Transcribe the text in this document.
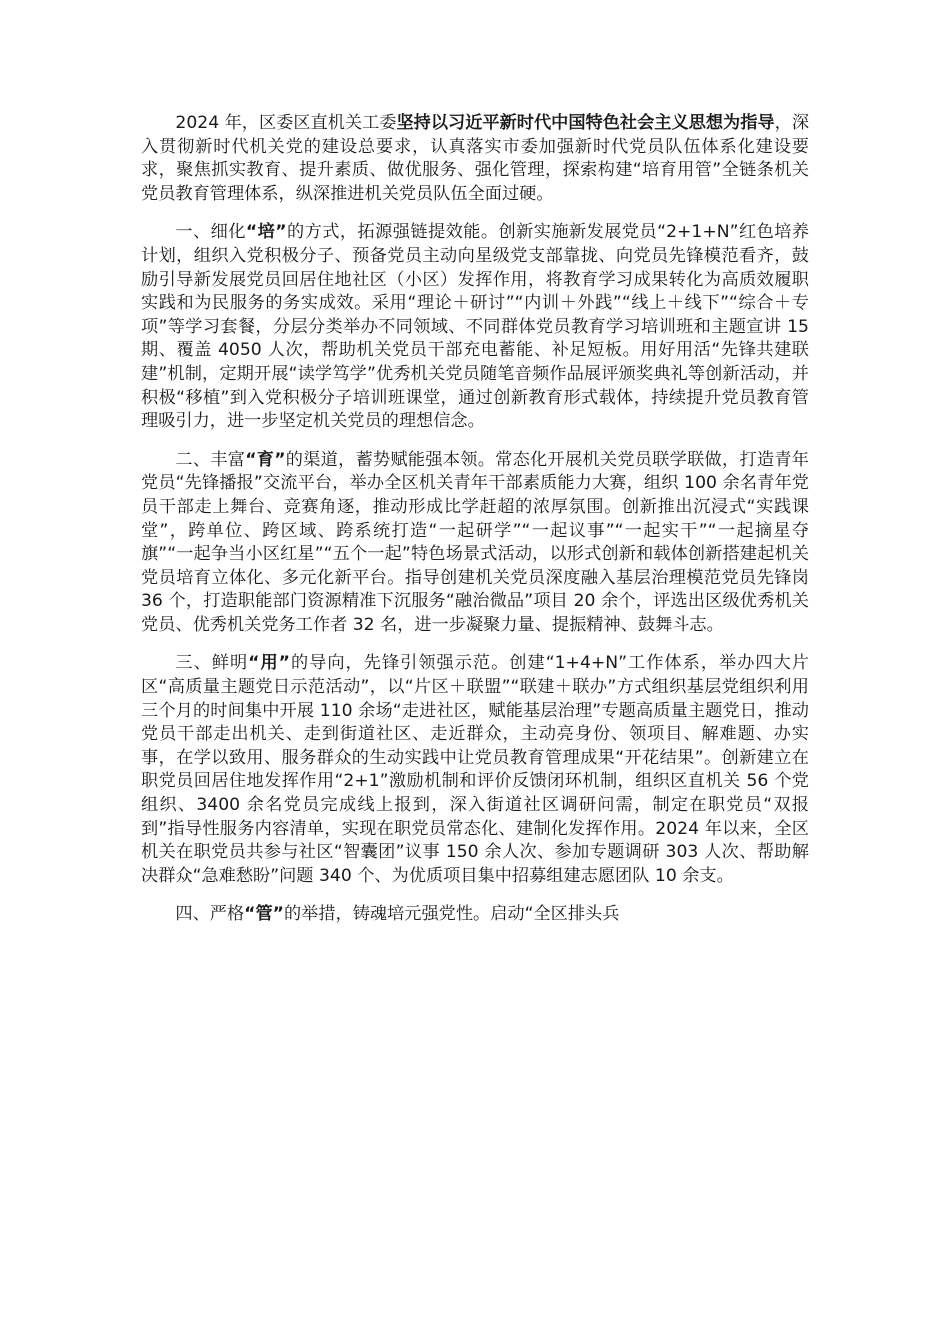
2024 年，区委区直机关工委坚持以习近平新时代中国特色社会主义思想为指导，深入贯彻新时代机关党的建设总要求，认真落实市委加强新时代党员队伍体系化建设要求，聚焦抓实教育、提升素质、做优服务、强化管理，探索构建“培育用管”全链条机关党员教育管理体系，纵深推进机关党员队伍全面过硬。

一、细化“培”的方式，拓源强链提效能。创新实施新发展党员“2+1+N”红色培养计划，组织入党积极分子、预备党员主动向星级党支部靠拢、向党员先锋模范看齐，鼓励引导新发展党员回居住地社区（小区）发挥作用，将教育学习成果转化为高质效履职实践和为民服务的务实成效。采用“理论＋研讨”“内训＋外践”“线上＋线下”“综合＋专项”等学习套餐，分层分类举办不同领域、不同群体党员教育学习培训班和主题宣讲 15 期、覆盖 4050 人次，帮助机关党员干部充电蓄能、补足短板。用好用活“先锋共建联建”机制，定期开展“读学笃学”优秀机关党员随笔音频作品展评颁奖典礼等创新活动，并积极“移植”到入党积极分子培训班课堂，通过创新教育形式载体，持续提升党员教育管理吸引力，进一步坚定机关党员的理想信念。

二、丰富“育”的渠道，蓄势赋能强本领。常态化开展机关党员联学联做，打造青年党员“先锋播报”交流平台，举办全区机关青年干部素质能力大赛，组织 100 余名青年党员干部走上舞台、竞赛角逐，推动形成比学赶超的浓厚氛围。创新推出沉浸式“实践课堂”，跨单位、跨区域、跨系统打造“一起研学”“一起议事”“一起实干”“一起摘星夺旗”“一起争当小区红星”“五个一起”特色场景式活动，以形式创新和载体创新搭建起机关党员培育立体化、多元化新平台。指导创建机关党员深度融入基层治理模范党员先锋岗 36 个，打造职能部门资源精准下沉服务“融治微品”项目 20 余个，评选出区级优秀机关党员、优秀机关党务工作者 32 名，进一步凝聚力量、提振精神、鼓舞斗志。

三、鲜明“用”的导向，先锋引领强示范。创建“1+4+N”工作体系，举办四大片区“高质量主题党日示范活动”，以“片区＋联盟”“联建＋联办”方式组织基层党组织利用三个月的时间集中开展 110 余场“走进社区，赋能基层治理”专题高质量主题党日，推动党员干部走出机关、走到街道社区、走近群众，主动亮身份、领项目、解难题、办实事，在学以致用、服务群众的生动实践中让党员教育管理成果“开花结果”。创新建立在职党员回居住地发挥作用“2+1”激励机制和评价反馈闭环机制，组织区直机关 56 个党组织、3400 余名党员完成线上报到，深入街道社区调研问需，制定在职党员“双报到”指导性服务内容清单，实现在职党员常态化、建制化发挥作用。2024 年以来，全区机关在职党员共参与社区“智囊团”议事 150 余人次、参加专题调研 303 人次、帮助解决群众“急难愁盼”问题 340 个、为优质项目集中招募组建志愿团队 10 余支。

四、严格“管”的举措，铸魂培元强党性。启动“全区排头兵
